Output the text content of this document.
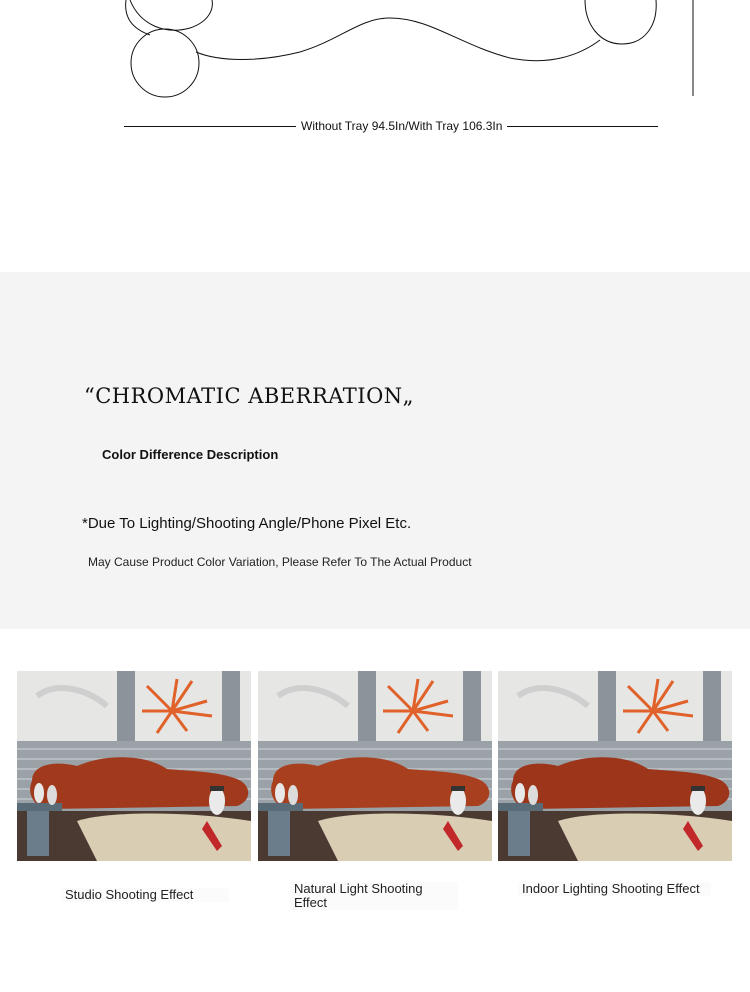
Without Tray 94.5In/With Tray 106.3In
“CHROMATIC ABERRATION„
Color Difference Description
*Due To Lighting/Shooting Angle/Phone Pixel Etc.
May Cause Product Color Variation, Please Refer To The Actual Product
Studio Shooting Effect	Natural Light Shooting Effect
Indoor Lighting Shooting Effect
